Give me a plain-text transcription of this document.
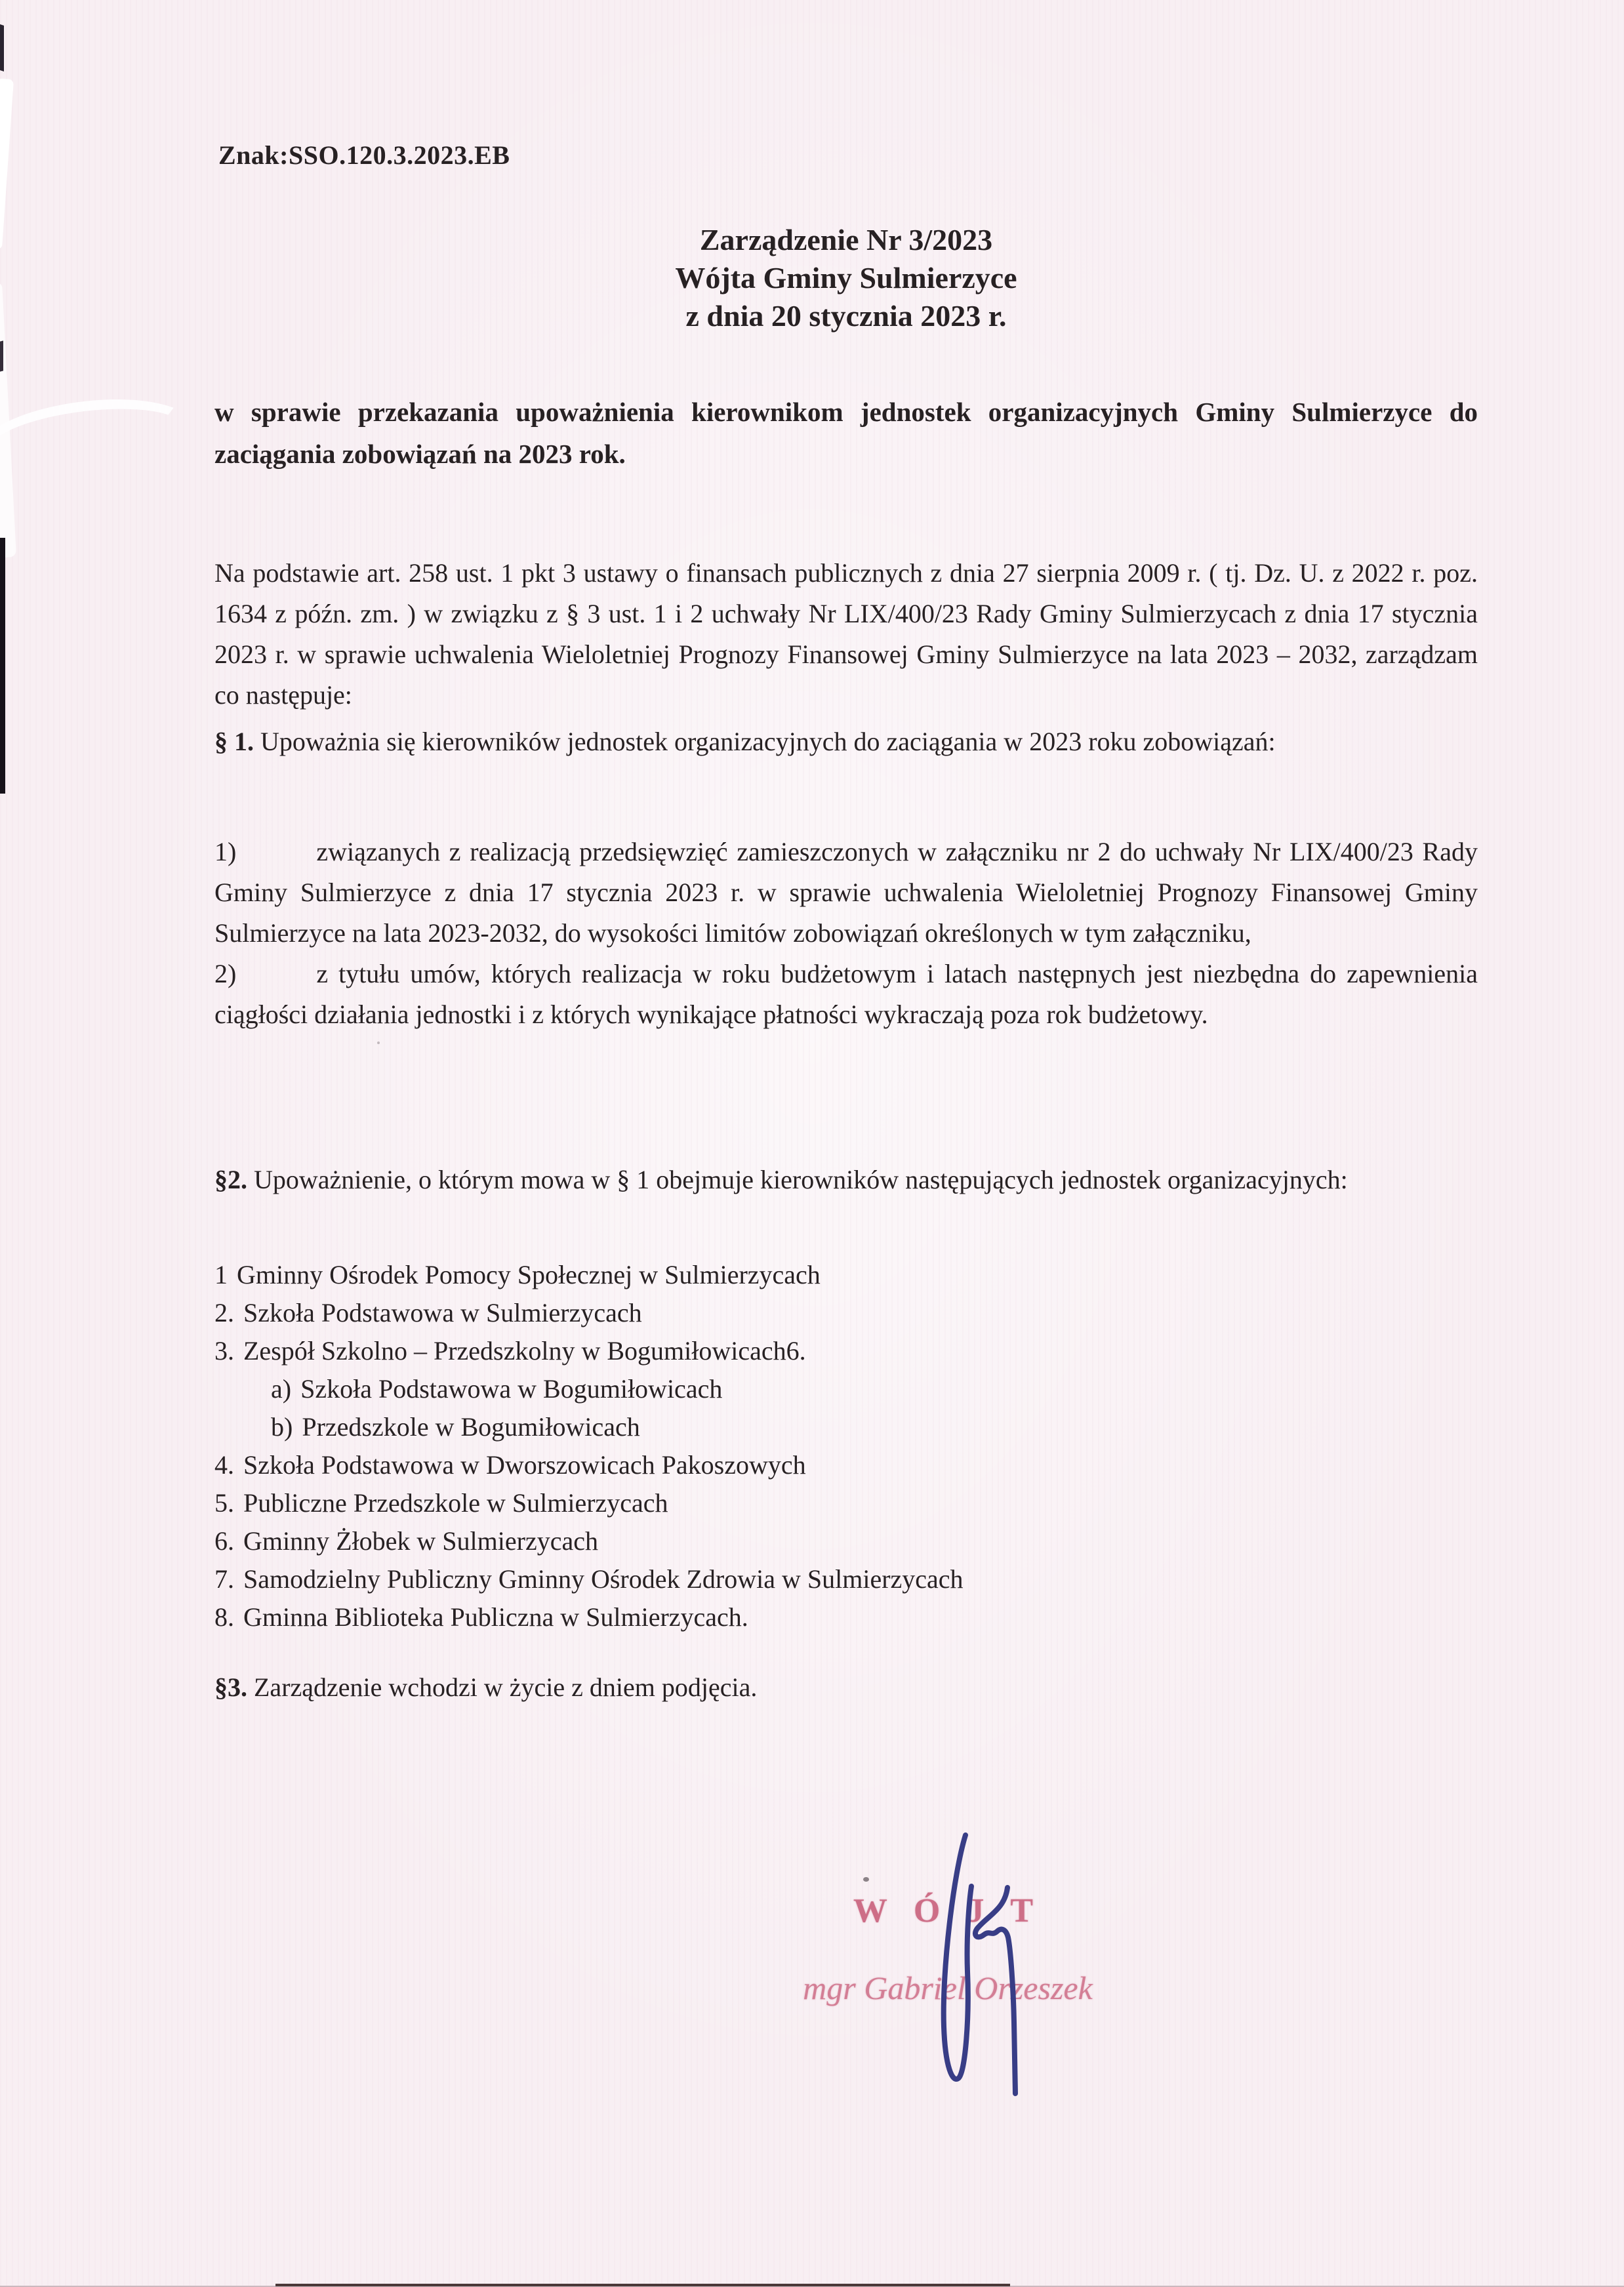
Znak:SSO.120.3.2023.EB
Zarządzenie Nr 3/2023
Wójta Gminy Sulmierzyce
z dnia 20 stycznia 2023 r.
w sprawie przekazania upoważnienia kierownikom jednostek organizacyjnych Gminy Sulmierzyce do zaciągania zobowiązań na 2023 rok.
Na podstawie art. 258 ust. 1 pkt 3 ustawy o finansach publicznych z dnia 27 sierpnia 2009 r. ( tj. Dz. U. z 2022 r. poz. 1634 z późn. zm. ) w związku z § 3 ust. 1 i 2 uchwały Nr LIX/400/23 Rady Gminy Sulmierzycach z dnia 17 stycznia 2023 r. w sprawie uchwalenia Wieloletniej Prognozy Finansowej Gminy Sulmierzyce na lata 2023 – 2032, zarządzam co następuje:
§ 1. Upoważnia się kierowników jednostek organizacyjnych do zaciągania w 2023 roku zobowiązań:
1)	związanych z realizacją przedsięwzięć zamieszczonych w załączniku nr 2 do uchwały Nr LIX/400/23 Rady Gminy Sulmierzyce z dnia 17 stycznia 2023 r. w sprawie uchwalenia Wieloletniej Prognozy Finansowej Gminy Sulmierzyce na lata 2023-2032, do wysokości limitów zobowiązań określonych w tym załączniku,
2)	z tytułu umów, których realizacja w roku budżetowym i latach następnych jest niezbędna do zapewnienia ciągłości działania jednostki i z których wynikające płatności wykraczają poza rok budżetowy.
§2. Upoważnienie, o którym mowa w § 1 obejmuje kierowników następujących jednostek organizacyjnych:
1 Gminny Ośrodek Pomocy Społecznej w Sulmierzycach
2. Szkoła Podstawowa w Sulmierzycach
3. Zespół Szkolno – Przedszkolny w Bogumiłowicach6.
a) Szkoła Podstawowa w Bogumiłowicach
b) Przedszkole w Bogumiłowicach
4. Szkoła Podstawowa w Dworszowicach Pakoszowych
5. Publiczne Przedszkole w Sulmierzycach
6. Gminny Żłobek w Sulmierzycach
7. Samodzielny Publiczny Gminny Ośrodek Zdrowia w Sulmierzycach
8. Gminna Biblioteka Publiczna w Sulmierzycach.
§3. Zarządzenie wchodzi w życie z dniem podjęcia.
W Ó J T
mgr Gabriel Orzeszek
